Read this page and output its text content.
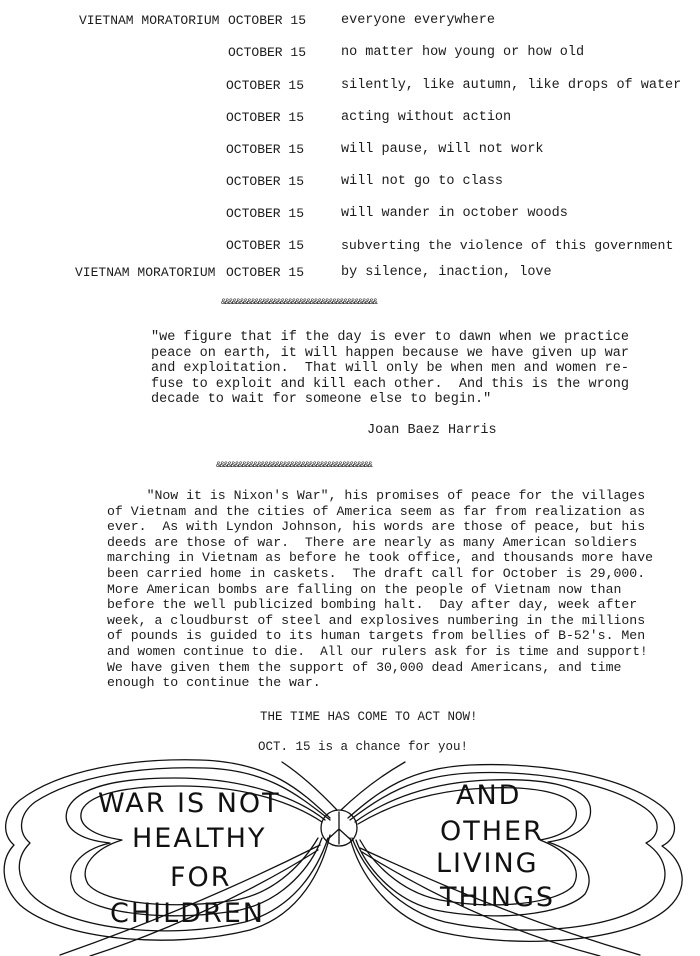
VIETNAM MORATORIUM OCTOBER 15	everyone everywhere
OCTOBER 15	no matter how young or how old
OCTOBER 15	silently, like autumn, like drops of water
OCTOBER 15	acting without action
OCTOBER 15	will pause, will not work
OCTOBER 15	will not go to class
OCTOBER 15	will wander in october woods
OCTOBER 15	subverting the violence of this government
VIETNAM MORATORIUM OCTOBER 15	by silence, inaction, love
&&&&&&&&&&&&&&&&&&&&&&&&&&&&&&&&&&&&&&&&&&
"we figure that if the day is ever to dawn when we practice
peace on earth, it will happen because we have given up war
and exploitation.  That will only be when men and women re-
fuse to exploit and kill each other.  And this is the wrong
decade to wait for someone else to begin."
Joan Baez Harris
&&&&&&&&&&&&&&&&&&&&&&&&&&&&&&&&&&&&&&&&&&
"Now it is Nixon's War", his promises of peace for the villages
of Vietnam and the cities of America seem as far from realization as
ever.  As with Lyndon Johnson, his words are those of peace, but his
deeds are those of war.  There are nearly as many American soldiers
marching in Vietnam as before he took office, and thousands more have
been carried home in caskets.  The draft call for October is 29,000.
More American bombs are falling on the people of Vietnam now than
before the well publicized bombing halt.  Day after day, week after
week, a cloudburst of steel and explosives numbering in the millions
of pounds is guided to its human targets from bellies of B-52's. Men
and women continue to die.  All our rulers ask for is time and support!
We have given them the support of 30,000 dead Americans, and time
enough to continue the war.
THE TIME HAS COME TO ACT NOW!
OCT. 15 is a chance for you!
WAR IS NOT
HEALTHY
FOR
CHILDREN
AND
OTHER
LIVING
THINGS
